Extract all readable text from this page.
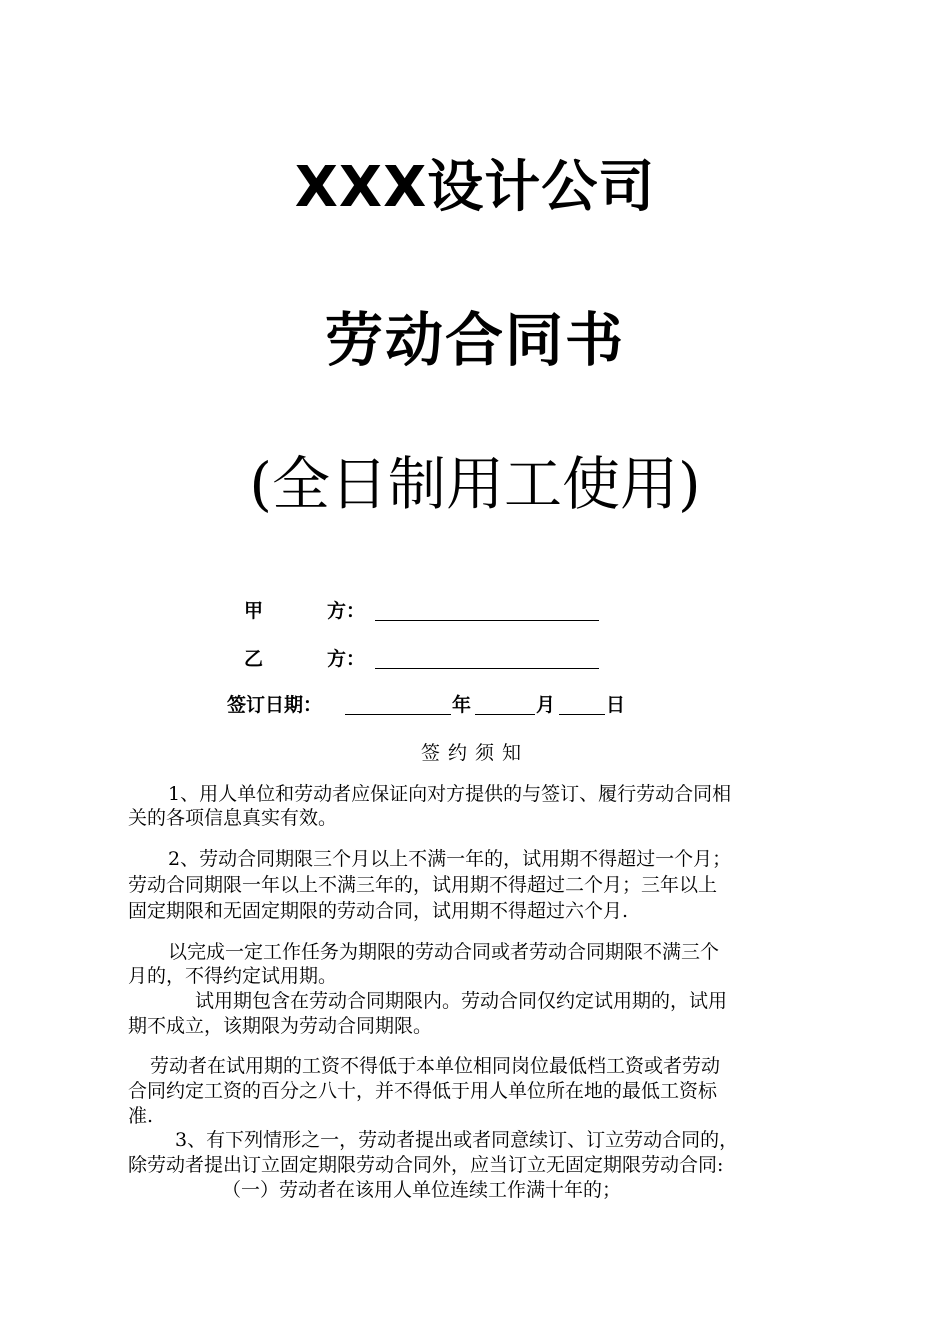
XXX设计公司
劳动合同书
(全日制用工使用)
甲	方：
乙	方：
签订日期：	年	月	日
签约须知
1、用人单位和劳动者应保证向对方提供的与签订、履行劳动合同相
关的各项信息真实有效。
2、劳动合同期限三个月以上不满一年的，试用期不得超过一个月；
劳动合同期限一年以上不满三年的，试用期不得超过二个月；三年以上
固定期限和无固定期限的劳动合同，试用期不得超过六个月.
以完成一定工作任务为期限的劳动合同或者劳动合同期限不满三个
月的，不得约定试用期。
试用期包含在劳动合同期限内。劳动合同仅约定试用期的，试用
期不成立，该期限为劳动合同期限。
劳动者在试用期的工资不得低于本单位相同岗位最低档工资或者劳动
合同约定工资的百分之八十，并不得低于用人单位所在地的最低工资标
准.
3、有下列情形之一，劳动者提出或者同意续订、订立劳动合同的，
除劳动者提出订立固定期限劳动合同外，应当订立无固定期限劳动合同:
（一）劳动者在该用人单位连续工作满十年的；
